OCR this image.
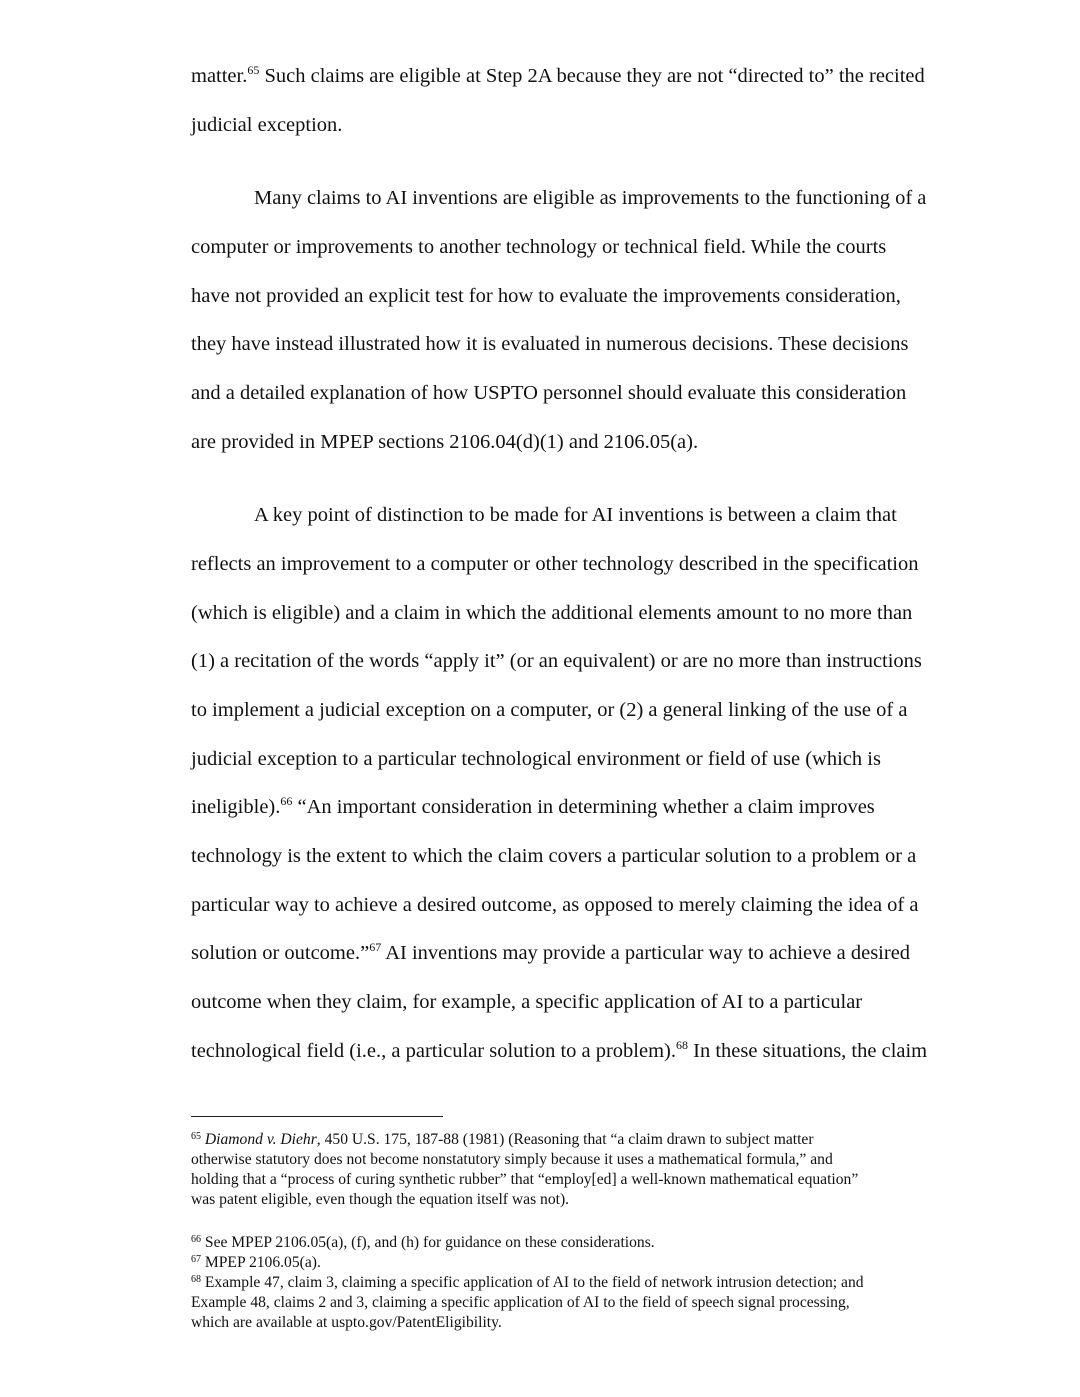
matter.$^{65}$ Such claims are eligible at Step 2A because they are not “directed to” the recited
judicial exception.
Many claims to AI inventions are eligible as improvements to the functioning of a
computer or improvements to another technology or technical field. While the courts
have not provided an explicit test for how to evaluate the improvements consideration,
they have instead illustrated how it is evaluated in numerous decisions. These decisions
and a detailed explanation of how USPTO personnel should evaluate this consideration
are provided in MPEP sections 2106.04(d)(1) and 2106.05(a).
A key point of distinction to be made for AI inventions is between a claim that
reflects an improvement to a computer or other technology described in the specification
(which is eligible) and a claim in which the additional elements amount to no more than
(1) a recitation of the words “apply it” (or an equivalent) or are no more than instructions
to implement a judicial exception on a computer, or (2) a general linking of the use of a
judicial exception to a particular technological environment or field of use (which is
ineligible).$^{66}$ “An important consideration in determining whether a claim improves
technology is the extent to which the claim covers a particular solution to a problem or a
particular way to achieve a desired outcome, as opposed to merely claiming the idea of a
solution or outcome.”$^{67}$ AI inventions may provide a particular way to achieve a desired
outcome when they claim, for example, a specific application of AI to a particular
technological field (i.e., a particular solution to a problem).$^{68}$ In these situations, the claim
$^{65}$ Diamond v. Diehr, 450 U.S. 175, 187-88 (1981) (Reasoning that “a claim drawn to subject matter
otherwise statutory does not become nonstatutory simply because it uses a mathematical formula,” and
holding that a “process of curing synthetic rubber” that “employ[ed] a well-known mathematical equation”
was patent eligible, even though the equation itself was not).
$^{66}$ See MPEP 2106.05(a), (f), and (h) for guidance on these considerations.
$^{67}$ MPEP 2106.05(a).
$^{68}$ Example 47, claim 3, claiming a specific application of AI to the field of network intrusion detection; and
Example 48, claims 2 and 3, claiming a specific application of AI to the field of speech signal processing,
which are available at uspto.gov/PatentEligibility.
